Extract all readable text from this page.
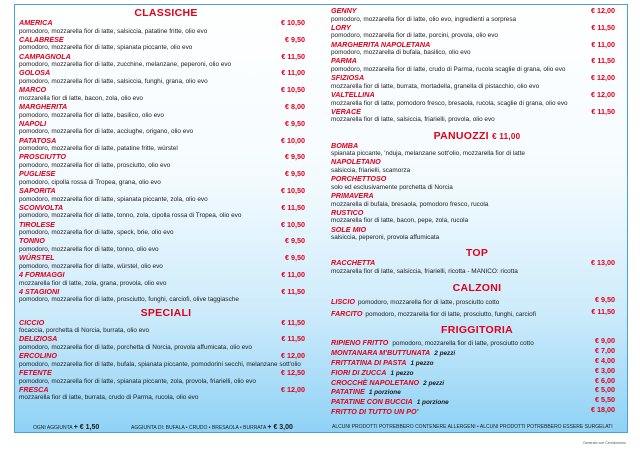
CLASSICHE
AMERICA	€ 10,50
pomodoro, mozzarella fior di latte, salsiccia, patatine fritte, olio evo
CALABRESE	€ 9,50
pomodoro, mozzarella fior di latte, spianata piccante, olio evo
CAMPAGNOLA	€ 11,50
pomodoro, mozzarella fior di latte, zucchine, melanzane, peperoni, olio evo
GOLOSA	€ 11,00
pomodoro, mozzarella fior di latte, salsiccia, funghi, grana, olio evo
MARCO	€ 10,50
mozzarella fior di latte, bacon, zola, olio evo
MARGHERITA	€ 8,00
pomodoro, mozzarella fior di latte, basilico, olio evo
NAPOLI	€ 9,50
pomodoro, mozzarella fior di latte, acciughe, origano, olio evo
PATATOSA	€ 10,00
pomodoro, mozzarella fior di latte, patatine fritte, würstel
PROSCIUTTO	€ 9,50
pomodoro, mozzarella fior di latte, prosciutto, olio evo
PUGLIESE	€ 9,50
pomodoro, cipolla rossa di Tropea, grana, olio evo
SAPORITA	€ 10,50
pomodoro, mozzarella fior di latte, spianata piccante, zola, olio evo
SCONVOLTA	€ 11,50
pomodoro, mozzarella fior di latte, tonno, zola, cipolla rossa di Tropea, olio evo
TIROLESE	€ 10,50
pomodoro, mozzarella fior di latte, speck, brie, olio evo
TONNO	€ 9,50
pomodoro, mozzarella fior di latte, tonno, olio evo
WÜRSTEL	€ 9,50
pomodoro, mozzarella fior di latte, würstel, olio evo
4 FORMAGGI	€ 11,00
mozzarella fior di latte, zola, grana, provola, olio evo
4 STAGIONI	€ 11,50
pomodoro, mozzarella fior di latte, prosciutto, funghi, carciofi, olive taggiasche
SPECIALI
CICCIO	€ 11,50
focaccia, porchetta di Norcia, burrata, olio evo
DELIZIOSA	€ 11,50
pomodoro, mozzarella fior di latte, porchetta di Norcia, provola affumicata, olio evo
ERCOLINO	€ 12,00
pomodoro, mozzarella fior di latte, bufala, spianata piccante, pomodorini secchi, melanzane sott'olio
FETENTE	€ 12,50
pomodoro, mozzarella fior di latte, spianata piccante, zola, provola, friarielli, olio evo
FRESCA	€ 12,00
mozzarella fior di latte, burrata, crudo di Parma, rucola, olio evo
GENNY	€ 12,00
pomodoro, mozzarella fior di latte, olio evo, ingredienti a sorpresa
LORY	€ 11,50
pomodoro, mozzarella fior di latte, porcini, provola, olio evo
MARGHERITA NAPOLETANA	€ 11,00
pomodoro, mozzarella di bufala, basilico, olio evo
PARMA	€ 11,50
pomodoro, mozzarella fior di latte, crudo di Parma, rucola scaglie di grana, olio evo
SFIZIOSA	€ 12,00
mozzarella fior di latte, burrata, mortadella, granella di pistacchio, olio evo
VALTELLINA	€ 12,00
mozzarella fior di latte, pomodoro fresco, bresaola, rucola, scaglie di grana, olio evo
VERACE	€ 11,50
mozzarella fior di latte, salsiccia, friarielli, provola, olio evo
PANUOZZI € 11,00
BOMBA
spianata piccante, 'nduja, melanzane sott'olio, mozzarella fior di latte
NAPOLETANO
salsiccia, friarielli, scamorza
PORCHETTOSO
solo ed esclusivamente porchetta di Norcia
PRIMAVERA
mozzarella di bufala, bresaola, pomodoro fresco, rucola
RUSTICO
mozzarella fior di latte, bacon, pepe, zola, rucola
SOLE MIO
salsiccia, peperoni, provola affumicata
TOP
RACCHETTA	€ 13,00
mozzarella fior di latte, salsiccia, friarielli, ricotta - MANICO: ricotta
CALZONI
LISCIO pomodoro, mozzarella fior di latte, prosciutto cotto	€ 9,50
FARCITO pomodoro, mozzarella fior di latte, prosciutto, funghi, carciofi	€ 11,50
FRIGGITORIA
RIPIENO FRITTO pomodoro, mozzarella fior di latte, prosciutto cotto	€ 9,00
MONTANARA M'BUTTUNATA 2 pezzi	€ 7,00
FRITTATINA DI PASTA 1 pezzo	€ 4,00
FIORI DI ZUCCA 1 pezzo	€ 3,00
CROCCHÈ NAPOLETANO 2 pezzi	€ 6,00
PATATINE 1 porzione	€ 5,00
PATATINE CON BUCCIA 1 porzione	€ 5,50
FRITTO DI TUTTO UN PO'	€ 18,00
OGNI AGGIUNTA + € 1,50	AGGIUNTA DI: BUFALA • CRUDO • BRESAOLA • BURRATA + € 3,00	ALCUNI PRODOTTI POTREBBERO CONTENERE ALLERGENI • ALCUNI PRODOTTI POTREBBERO ESSERE SURGELATI
Generato con Cerchiomenu
